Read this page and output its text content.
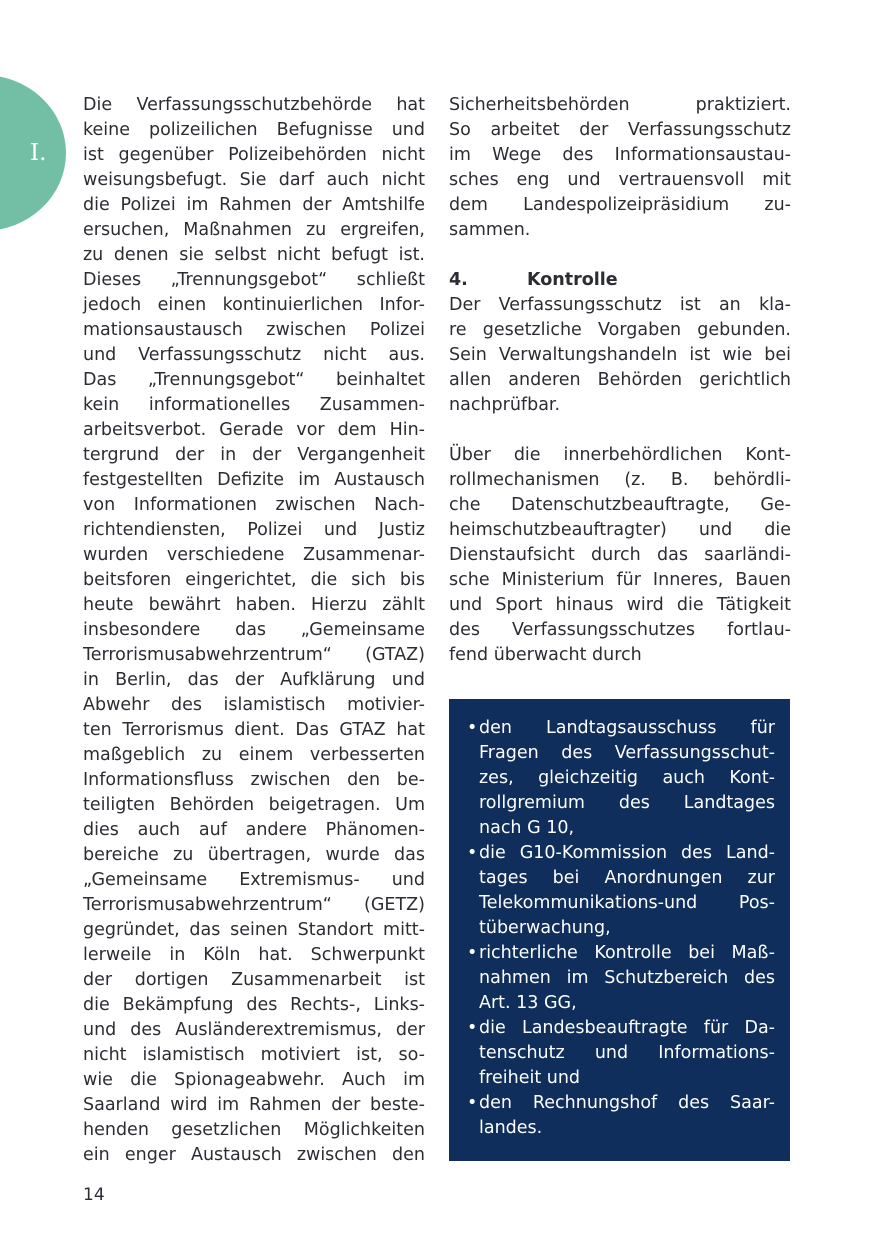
I.
Die Verfassungsschutzbehörde hat
keine polizeilichen Befugnisse und
ist gegenüber Polizeibehörden nicht
weisungsbefugt. Sie darf auch nicht
die Polizei im Rahmen der Amtshilfe
ersuchen, Maßnahmen zu ergreifen,
zu denen sie selbst nicht befugt ist.
Dieses „Trennungsgebot“ schließt
jedoch einen kontinuierlichen Infor-
mationsaustausch zwischen Polizei
und Verfassungsschutz nicht aus.
Das „Trennungsgebot“ beinhaltet
kein informationelles Zusammen-
arbeitsverbot. Gerade vor dem Hin-
tergrund der in der Vergangenheit
festgestellten Defizite im Austausch
von Informationen zwischen Nach-
richtendiensten, Polizei und Justiz
wurden verschiedene Zusammenar-
beitsforen eingerichtet, die sich bis
heute bewährt haben. Hierzu zählt
insbesondere das „Gemeinsame
Terrorismusabwehrzentrum“ (GTAZ)
in Berlin, das der Aufklärung und
Abwehr des islamistisch motivier-
ten Terrorismus dient. Das GTAZ hat
maßgeblich zu einem verbesserten
Informationsfluss zwischen den be-
teiligten Behörden beigetragen. Um
dies auch auf andere Phänomen-
bereiche zu übertragen, wurde das
„Gemeinsame Extremismus- und
Terrorismusabwehrzentrum“ (GETZ)
gegründet, das seinen Standort mitt-
lerweile in Köln hat. Schwerpunkt
der dortigen Zusammenarbeit ist
die Bekämpfung des Rechts-, Links-
und des Ausländerextremismus, der
nicht islamistisch motiviert ist, so-
wie die Spionageabwehr. Auch im
Saarland wird im Rahmen der beste-
henden gesetzlichen Möglichkeiten
ein enger Austausch zwischen den
Sicherheitsbehörden praktiziert.
So arbeitet der Verfassungsschutz
im Wege des Informationsaustau-
sches eng und vertrauensvoll mit
dem Landespolizeipräsidium zu-
sammen.
4.	Kontrolle
Der Verfassungsschutz ist an kla-
re gesetzliche Vorgaben gebunden.
Sein Verwaltungshandeln ist wie bei
allen anderen Behörden gerichtlich
nachprüfbar.
Über die innerbehördlichen Kont-
rollmechanismen (z. B. behördli-
che Datenschutzbeauftragte, Ge-
heimschutzbeauftragter) und die
Dienstaufsicht durch das saarländi-
sche Ministerium für Inneres, Bauen
und Sport hinaus wird die Tätigkeit
des Verfassungsschutzes fortlau-
fend überwacht durch
• den Landtagsausschuss für
Fragen des Verfassungsschut-
zes, gleichzeitig auch Kont-
rollgremium des Landtages
nach G 10,
• die G10-Kommission des Land-
tages bei Anordnungen zur
Telekommunikations-und Pos-
tüberwachung,
• richterliche Kontrolle bei Maß-
nahmen im Schutzbereich des
Art. 13 GG,
• die Landesbeauftragte für Da-
tenschutz und Informations-
freiheit und
• den Rechnungshof des Saar-
landes.
14
